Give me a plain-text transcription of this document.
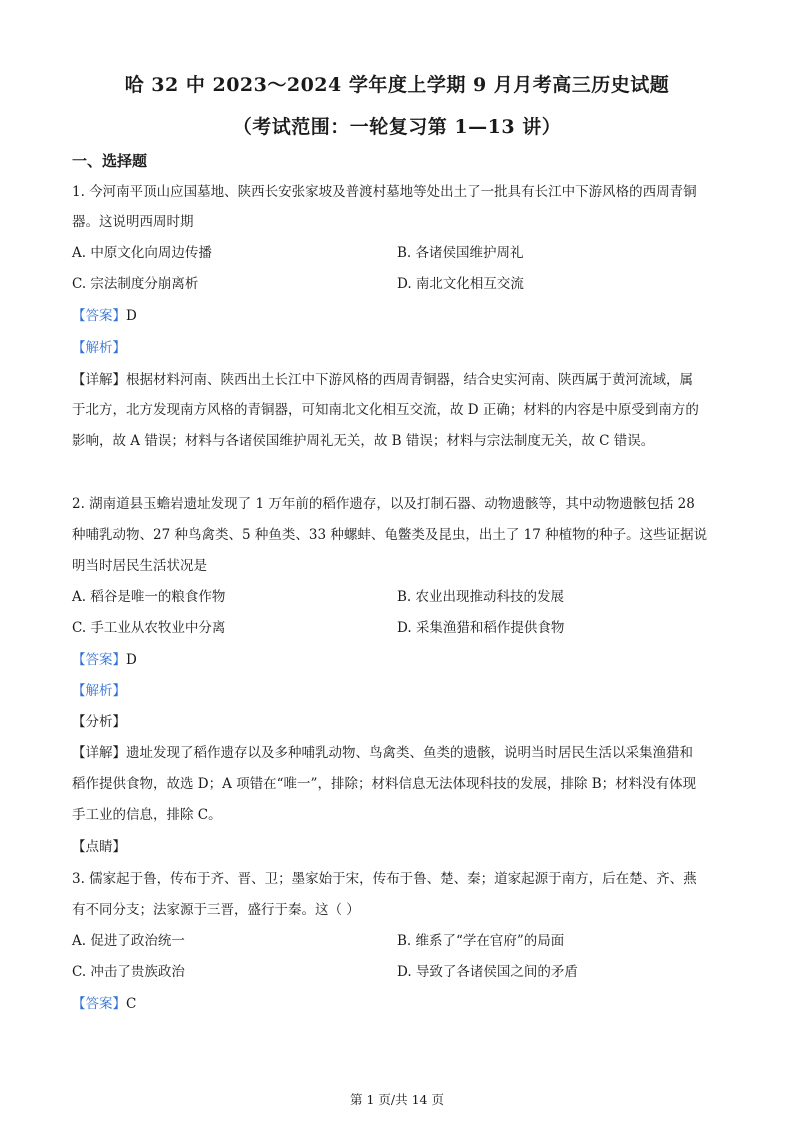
哈 32 中 2023～2024 学年度上学期 9 月月考高三历史试题
（考试范围：一轮复习第 1—13 讲）
一、选择题
1. 今河南平顶山应国墓地、陕西长安张家坡及普渡村墓地等处出土了一批具有长江中下游风格的西周青铜
器。这说明西周时期
A. 中原文化向周边传播	B. 各诸侯国维护周礼
C. 宗法制度分崩离析	D. 南北文化相互交流
【答案】D
【解析】
【详解】根据材料河南、陕西出土长江中下游风格的西周青铜器，结合史实河南、陕西属于黄河流域，属
于北方，北方发现南方风格的青铜器，可知南北文化相互交流，故 D 正确；材料的内容是中原受到南方的
影响，故 A 错误；材料与各诸侯国维护周礼无关，故 B 错误；材料与宗法制度无关，故 C 错误。
2. 湖南道县玉蟾岩遗址发现了 1 万年前的稻作遗存，以及打制石器、动物遗骸等，其中动物遗骸包括 28
种哺乳动物、27 种鸟禽类、5 种鱼类、33 种螺蚌、龟鳖类及昆虫，出土了 17 种植物的种子。这些证据说
明当时居民生活状况是
A. 稻谷是唯一的粮食作物	B. 农业出现推动科技的发展
C. 手工业从农牧业中分离	D. 采集渔猎和稻作提供食物
【答案】D
【解析】
【分析】
【详解】遗址发现了稻作遗存以及多种哺乳动物、鸟禽类、鱼类的遗骸，说明当时居民生活以采集渔猎和
稻作提供食物，故选 D；A 项错在“唯一”，排除；材料信息无法体现科技的发展，排除 B；材料没有体现
手工业的信息，排除 C。
【点睛】
3. 儒家起于鲁，传布于齐、晋、卫；墨家始于宋，传布于鲁、楚、秦；道家起源于南方，后在楚、齐、燕
有不同分支；法家源于三晋，盛行于秦。这（ ）
A. 促进了政治统一	B. 维系了“学在官府”的局面
C. 冲击了贵族政治	D. 导致了各诸侯国之间的矛盾
【答案】C
第 1 页/共 14 页
